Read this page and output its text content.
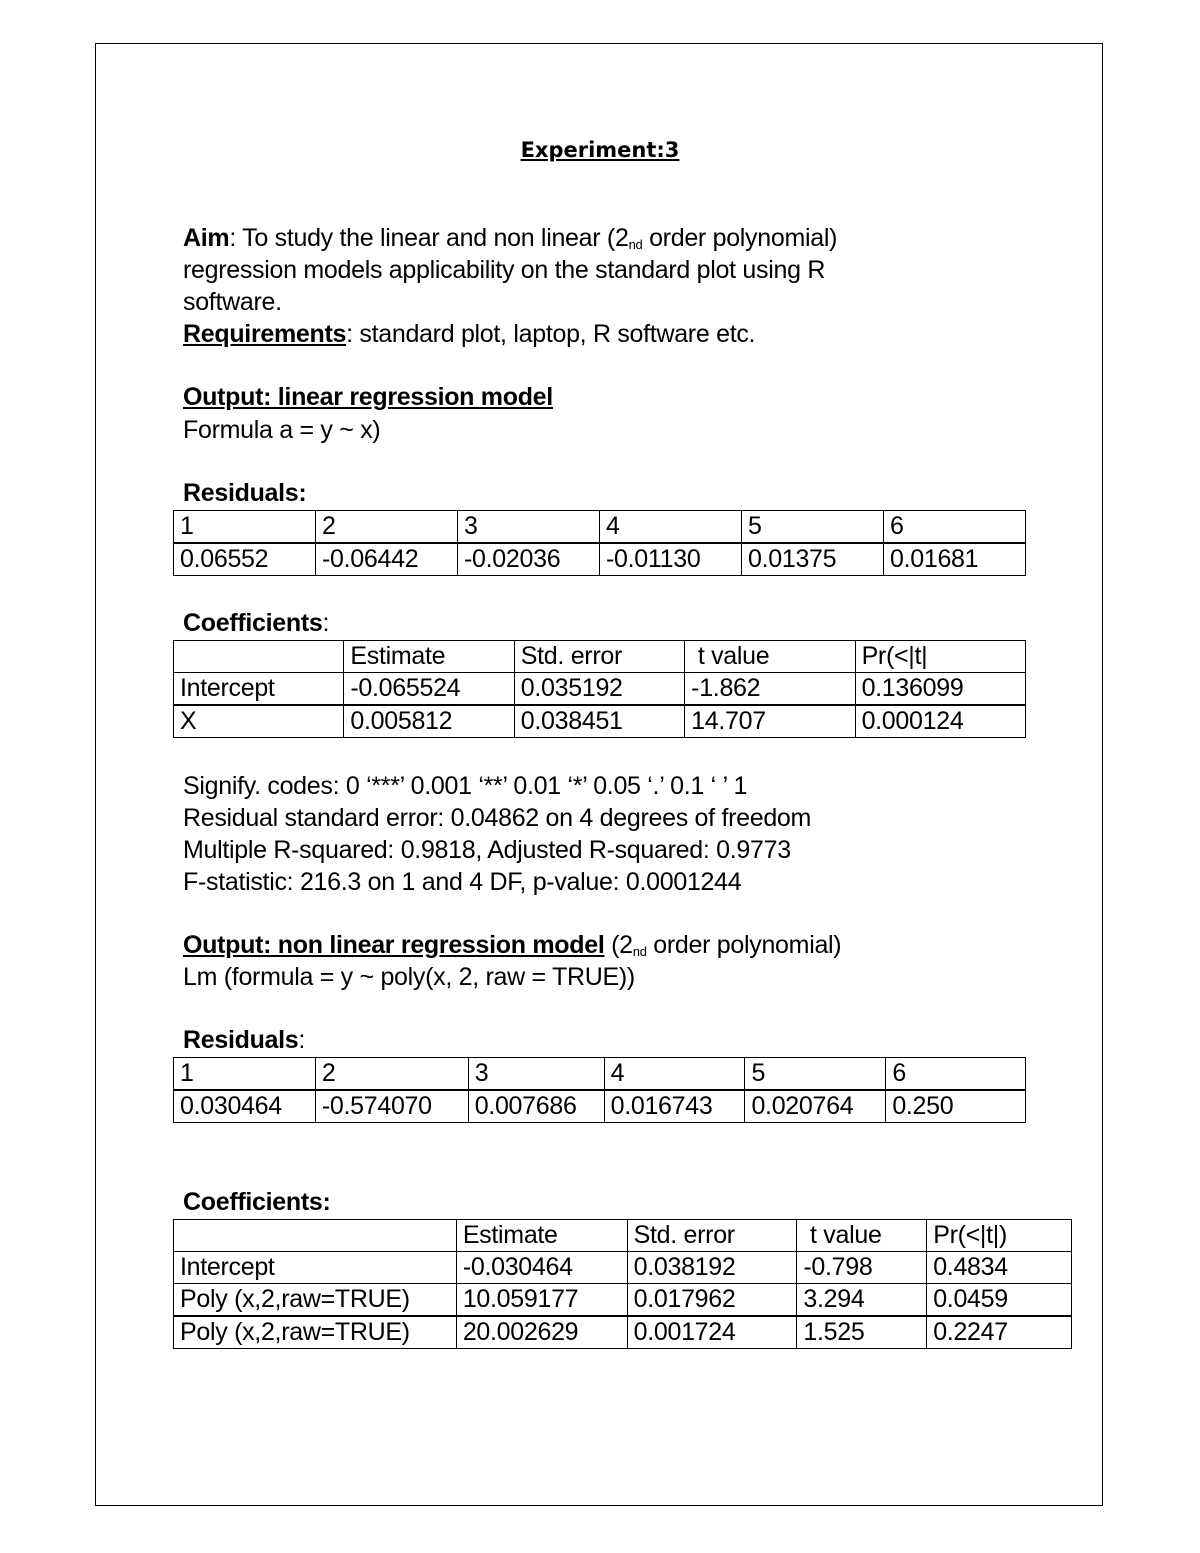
Experiment:3
Aim: To study the linear and non linear ($2_{nd}$ order polynomial)
regression models applicability on the standard plot using R
software.
Requirements: standard plot, laptop, R software etc.
Output: linear regression model
Formula a = y ~ x)
Residuals:
1	2	3	4	5	6
0.06552	-0.06442	-0.02036	-0.01130	0.01375	0.01681
Coefficients:
	Estimate	Std. error	t value	Pr(<|t|
Intercept	-0.065524	0.035192	-1.862	0.136099
X	0.005812	0.038451	14.707	0.000124
Signify. codes: 0 ‘***’ 0.001 ‘**’ 0.01 ‘*’ 0.05 ‘.’ 0.1 ‘ ’ 1
Residual standard error: 0.04862 on 4 degrees of freedom
Multiple R-squared: 0.9818, Adjusted R-squared: 0.9773
F-statistic: 216.3 on 1 and 4 DF, p-value: 0.0001244
Output: non linear regression model ($2_{nd}$ order polynomial)
Lm (formula = y ~ poly(x, 2, raw = TRUE))
Residuals:
1	2	3	4	5	6
0.030464	-0.574070	0.007686	0.016743	0.020764	0.250
Coefficients:
	Estimate	Std. error	t value	Pr(<|t|)
Intercept	-0.030464	0.038192	-0.798	0.4834
Poly (x,2,raw=TRUE)	10.059177	0.017962	3.294	0.0459
Poly (x,2,raw=TRUE)	20.002629	0.001724	1.525	0.2247
